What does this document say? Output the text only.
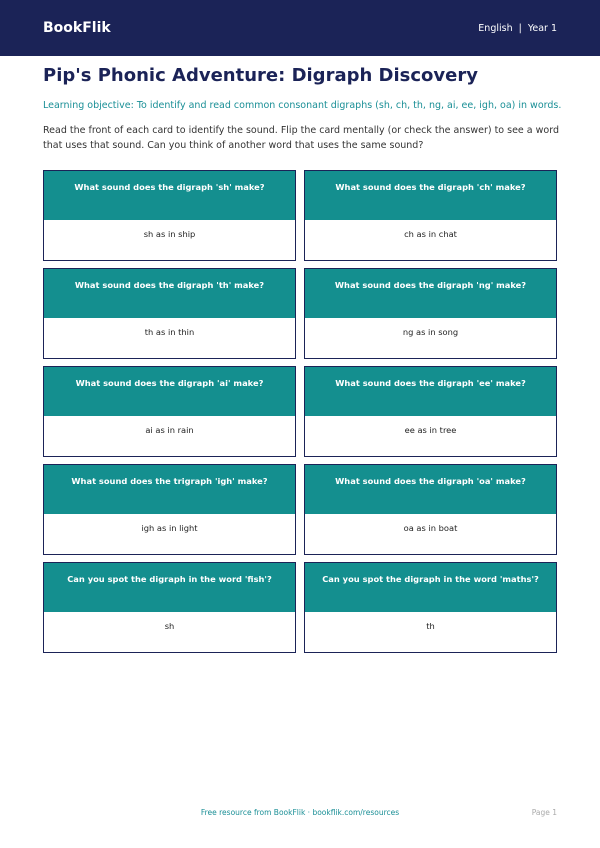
BookFlik	English | Year 1
Pip's Phonic Adventure: Digraph Discovery

Learning objective: To identify and read common consonant digraphs (sh, ch, th, ng, ai, ee, igh, oa) in words.

Read the front of each card to identify the sound. Flip the card mentally (or check the answer) to see a word that uses that sound. Can you think of another word that uses the same sound?

What sound does the digraph 'sh' make?
sh as in ship
What sound does the digraph 'ch' make?
ch as in chat
What sound does the digraph 'th' make?
th as in thin
What sound does the digraph 'ng' make?
ng as in song
What sound does the digraph 'ai' make?
ai as in rain
What sound does the digraph 'ee' make?
ee as in tree
What sound does the trigraph 'igh' make?
igh as in light
What sound does the digraph 'oa' make?
oa as in boat
Can you spot the digraph in the word 'fish'?
sh
Can you spot the digraph in the word 'maths'?
th
Free resource from BookFlik · bookflik.com/resources	Page 1
